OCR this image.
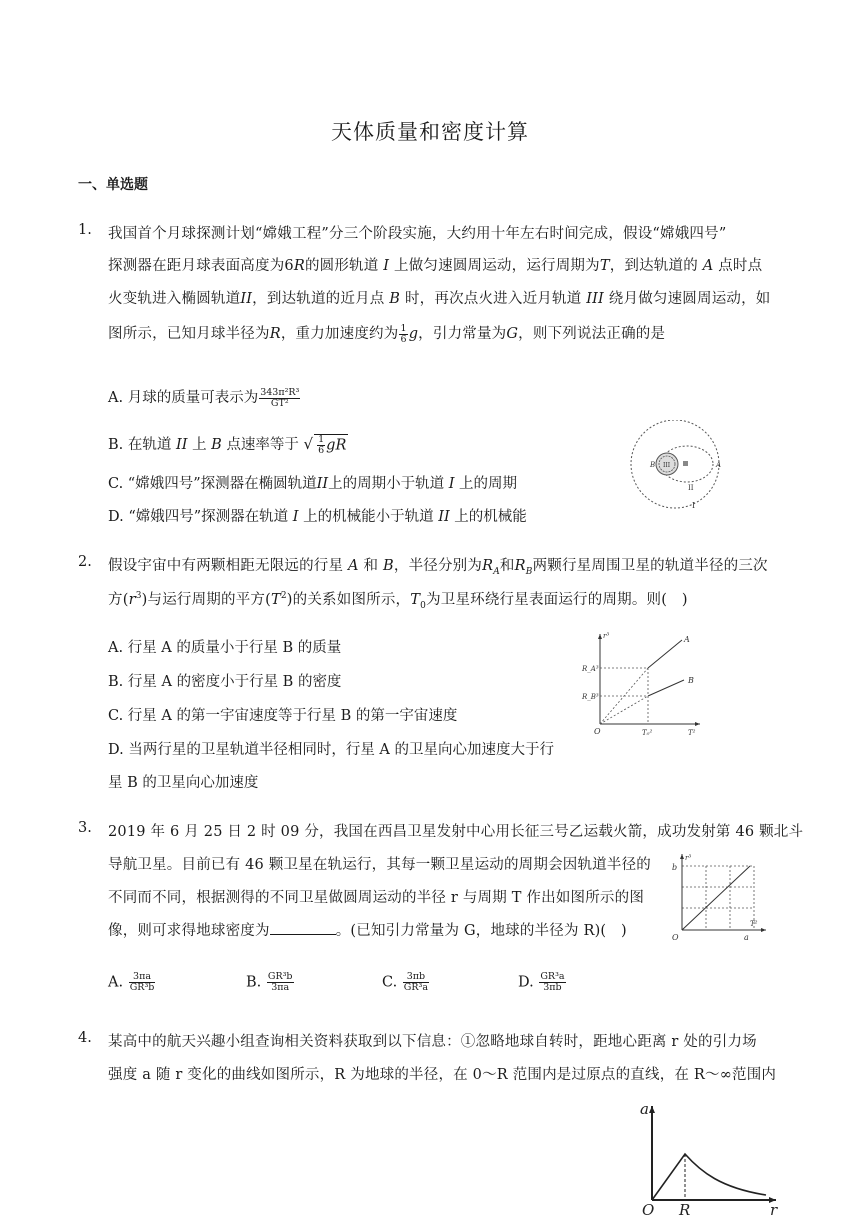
天体质量和密度计算
一、单选题
1. 我国首个月球探测计划“嫦娥工程”分三个阶段实施，大约用十年左右时间完成，假设“嫦娥四号”
探测器在距月球表面高度为6R的圆形轨道 I 上做匀速圆周运动，运行周期为T，到达轨道的 A 点时点
火变轨进入椭圆轨道II，到达轨道的近月点 B 时，再次点火进入近月轨道 III 绕月做匀速圆周运动，如
图所示，已知月球半径为R，重力加速度约为 $\frac{1}{6}$ g，引力常量为G，则下列说法正确的是
A. 月球的质量可表示为 $\frac{\text{343π²R³}}{\text{GT²}}$
B. 在轨道 II 上 B 点速率等于 √ $\frac{1}{6}$ gR
C. “嫦娥四号”探测器在椭圆轨道II上的周期小于轨道 I 上的周期
D. “嫦娥四号”探测器在轨道 I 上的机械能小于轨道 II 上的机械能
B III	A
II
I
2. 假设宇宙中有两颗相距无限远的行星 A 和 B，半径分别为$R_A$和$R_B$两颗行星周围卫星的轨道半径的三次
方$(r^3)$与运行周期的平方$(T^2)$的关系如图所示，$T_0$为卫星环绕行星表面运行的周期。则(　)
A. 行星 A 的质量小于行星 B 的质量
B. 行星 A 的密度小于行星 B 的密度
C. 行星 A 的第一宇宙速度等于行星 B 的第一宇宙速度
D. 当两行星的卫星轨道半径相同时，行星 A 的卫星向心加速度大于行
星 B 的卫星向心加速度
r³
R_A³
R_B³
O	T₀²	T²
A
B
3. 2019 年 6 月 25 日 2 时 09 分，我国在西昌卫星发射中心用长征三号乙运载火箭，成功发射第 46 颗北斗
导航卫星。目前已有 46 颗卫星在轨运行，其每一颗卫星运动的周期会因轨道半径的
不同而不同，根据测得的不同卫星做圆周运动的半径 r 与周期 T 作出如图所示的图
像，则可求得地球密度为	。(已知引力常量为 G，地球的半径为 R)(　)
A. $\frac{3\pi a}{\text{GR³b}}$	B. $\frac{\text{GR³b}}{3\pi a}$	C. $\frac{3\pi b}{\text{GR³a}}$	D. $\frac{\text{GR³a}}{3\pi b}$
r³
b
O
T²
a
4. 某高中的航天兴趣小组查询相关资料获取到以下信息：①忽略地球自转时，距地心距离 r 处的引力场
强度 a 随 r 变化的曲线如图所示，R 为地球的半径，在 0～R 范围内是过原点的直线，在 R～∞范围内
a
O R	r
